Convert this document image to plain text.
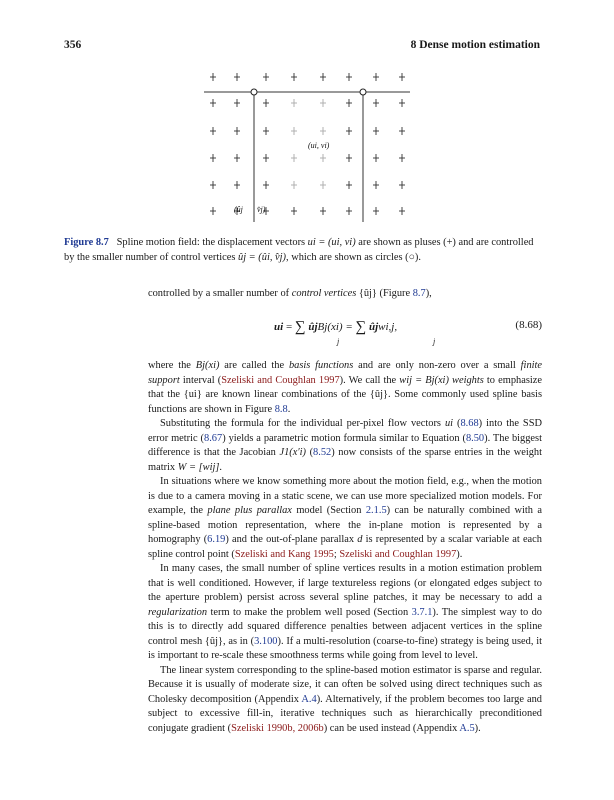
356	8 Dense motion estimation
(ui, vi)
(ûj v̂j)
Figure 8.7 Spline motion field: the displacement vectors ui = (ui, vi) are shown as pluses (+) and are controlled by the smaller number of control vertices ûj = (ûi, v̂j), which are shown as circles (○).

controlled by a smaller number of control vertices {ûj} (Figure 8.7),

ui = ∑ ûjBj(xi) = ∑ ûjwi,j,
j	j
(8.68)

where the Bj(xi) are called the basis functions and are only non-zero over a small finite support interval (Szeliski and Coughlan 1997). We call the wij = Bj(xi) weights to emphasize that the {ui} are known linear combinations of the {ûj}. Some commonly used spline basis functions are shown in Figure 8.8.

Substituting the formula for the individual per-pixel flow vectors ui (8.68) into the SSD error metric (8.67) yields a parametric motion formula similar to Equation (8.50). The biggest difference is that the Jacobian J1(x′i) (8.52) now consists of the sparse entries in the weight matrix W = [wij].

In situations where we know something more about the motion field, e.g., when the motion is due to a camera moving in a static scene, we can use more specialized motion models. For example, the plane plus parallax model (Section 2.1.5) can be naturally combined with a spline-based motion representation, where the in-plane motion is represented by a homography (6.19) and the out-of-plane parallax d is represented by a scalar variable at each spline control point (Szeliski and Kang 1995; Szeliski and Coughlan 1997).

In many cases, the small number of spline vertices results in a motion estimation problem that is well conditioned. However, if large textureless regions (or elongated edges subject to the aperture problem) persist across several spline patches, it may be necessary to add a regularization term to make the problem well posed (Section 3.7.1). The simplest way to do this is to directly add squared difference penalties between adjacent vertices in the spline control mesh {ûj}, as in (3.100). If a multi-resolution (coarse-to-fine) strategy is being used, it is important to re-scale these smoothness terms while going from level to level.

The linear system corresponding to the spline-based motion estimator is sparse and regular. Because it is usually of moderate size, it can often be solved using direct techniques such as Cholesky decomposition (Appendix A.4). Alternatively, if the problem becomes too large and subject to excessive fill-in, iterative techniques such as hierarchically preconditioned conjugate gradient (Szeliski 1990b, 2006b) can be used instead (Appendix A.5).
